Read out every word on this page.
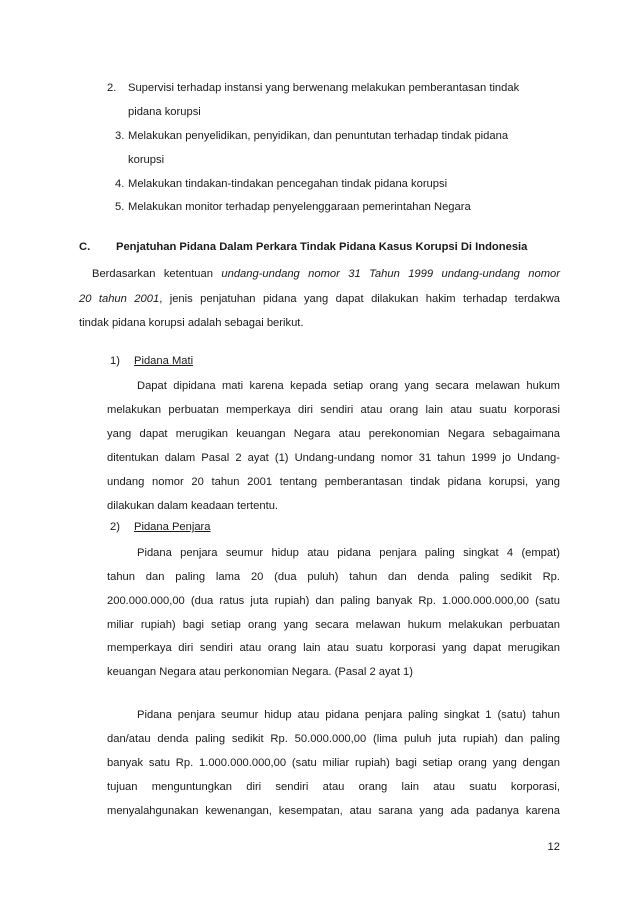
2. Supervisi terhadap instansi yang berwenang melakukan pemberantasan tindak
pidana korupsi
3. Melakukan penyelidikan, penyidikan, dan penuntutan terhadap tindak pidana
korupsi
4. Melakukan tindakan-tindakan pencegahan tindak pidana korupsi
5. Melakukan monitor terhadap penyelenggaraan pemerintahan Negara
C. Penjatuhan Pidana Dalam Perkara Tindak Pidana Kasus Korupsi Di Indonesia
Berdasarkan ketentuan undang-undang nomor 31 Tahun 1999 undang-undang nomor
20 tahun 2001, jenis penjatuhan pidana yang dapat dilakukan hakim terhadap terdakwa
tindak pidana korupsi adalah sebagai berikut.
1) Pidana Mati
Dapat dipidana mati karena kepada setiap orang yang secara melawan hukum
melakukan perbuatan memperkaya diri sendiri atau orang lain atau suatu korporasi
yang dapat merugikan keuangan Negara atau perekonomian Negara sebagaimana
ditentukan dalam Pasal 2 ayat (1) Undang-undang nomor 31 tahun 1999 jo Undang-
undang nomor 20 tahun 2001 tentang pemberantasan tindak pidana korupsi, yang
dilakukan dalam keadaan tertentu.
2) Pidana Penjara
Pidana penjara seumur hidup atau pidana penjara paling singkat 4 (empat)
tahun dan paling lama 20 (dua puluh) tahun dan denda paling sedikit Rp.
200.000.000,00 (dua ratus juta rupiah) dan paling banyak Rp. 1.000.000.000,00 (satu
miliar rupiah) bagi setiap orang yang secara melawan hukum melakukan perbuatan
memperkaya diri sendiri atau orang lain atau suatu korporasi yang dapat merugikan
keuangan Negara atau perkonomian Negara. (Pasal 2 ayat 1)
Pidana penjara seumur hidup atau pidana penjara paling singkat 1 (satu) tahun
dan/atau denda paling sedikit Rp. 50.000.000,00 (lima puluh juta rupiah) dan paling
banyak satu Rp. 1.000.000.000,00 (satu miliar rupiah) bagi setiap orang yang dengan
tujuan menguntungkan diri sendiri atau orang lain atau suatu korporasi,
menyalahgunakan kewenangan, kesempatan, atau sarana yang ada padanya karena
12
